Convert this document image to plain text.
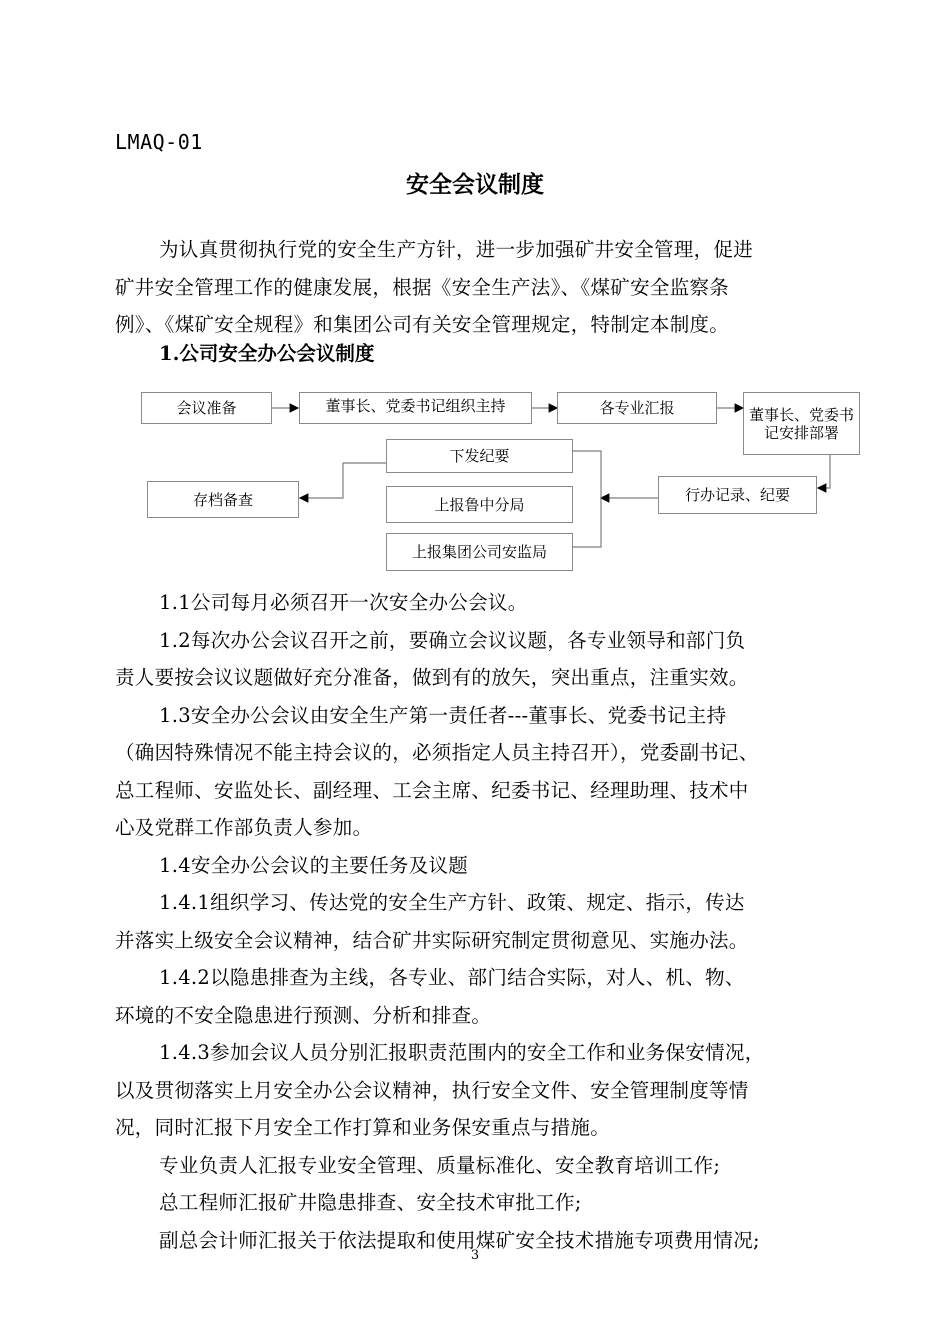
LMAQ-01
安全会议制度

为认真贯彻执行党的安全生产方针，进一步加强矿井安全管理，促进

矿井安全管理工作的健康发展，根据《安全生产法》、《煤矿安全监察条

例》、《煤矿安全规程》和集团公司有关安全管理规定，特制定本制度。

1.公司安全办公会议制度
会议准备	董事长、党委书记组织主持	各专业汇报	董事长、党委书记安排部署
下发纪要
行办记录、纪要
上报鲁中分局
存档备查
上报集团公司安监局

1.1公司每月必须召开一次安全办公会议。

1.2每次办公会议召开之前，要确立会议议题，各专业领导和部门负

责人要按会议议题做好充分准备，做到有的放矢，突出重点，注重实效。

1.3安全办公会议由安全生产第一责任者---董事长、党委书记主持

（确因特殊情况不能主持会议的，必须指定人员主持召开），党委副书记、

总工程师、安监处长、副经理、工会主席、纪委书记、经理助理、技术中

心及党群工作部负责人参加。

1.4安全办公会议的主要任务及议题

1.4.1组织学习、传达党的安全生产方针、政策、规定、指示，传达

并落实上级安全会议精神，结合矿井实际研究制定贯彻意见、实施办法。

1.4.2以隐患排查为主线，各专业、部门结合实际，对人、机、物、

环境的不安全隐患进行预测、分析和排查。

1.4.3参加会议人员分别汇报职责范围内的安全工作和业务保安情况，

以及贯彻落实上月安全办公会议精神，执行安全文件、安全管理制度等情

况，同时汇报下月安全工作打算和业务保安重点与措施。

专业负责人汇报专业安全管理、质量标准化、安全教育培训工作;

总工程师汇报矿井隐患排查、安全技术审批工作;

副总会计师汇报关于依法提取和使用煤矿安全技术措施专项费用情况;

3
